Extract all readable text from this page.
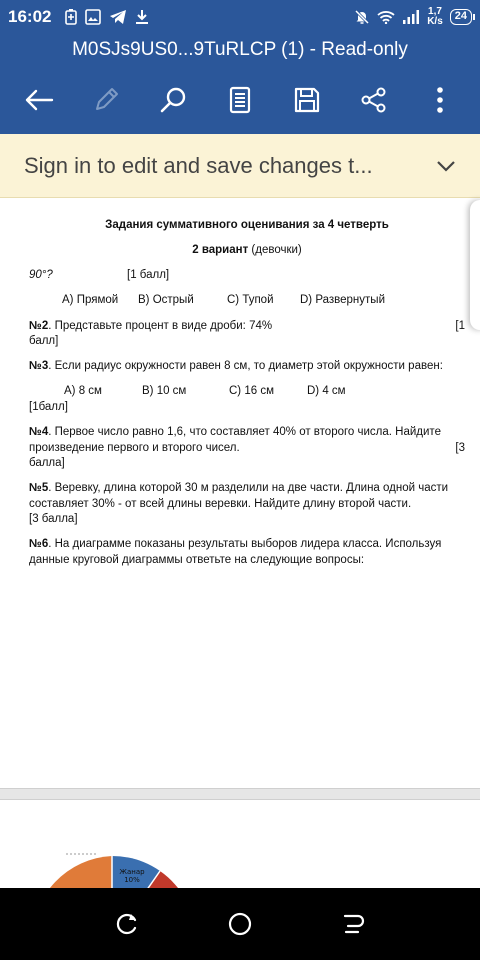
16:02	1,7
K/s	24
M0SJs9US0...9TuRLCP (1) - Read-only
Sign in to edit and save changes t...
Задания суммативного оценивания за 4 четверть
2 вариант (девочки)
90°?	[1 балл]
A) Прямой	B) Острый	C) Тупой	D) Развернутый
№2. Представьте процент в виде дроби: 74%	[1
балл]
№3. Если радиус окружности равен 8 см, то диаметр этой окружности равен:
A) 8 см	B) 10 см	C) 16 см	D) 4 см
[1балл]
№4. Первое число равно 1,6, что составляет 40% от второго числа. Найдите
произведение первого и второго чисел.	[3
балла]
№5. Веревку, длина которой 30 м разделили на две части. Длина одной части
составляет 30% - от всей длины веревки. Найдите длину второй части.
[3 балла]
№6. На диаграмме показаны результаты выборов лидера класса. Используя
данные круговой диаграммы ответьте на следующие вопросы:
Жанар
10%
